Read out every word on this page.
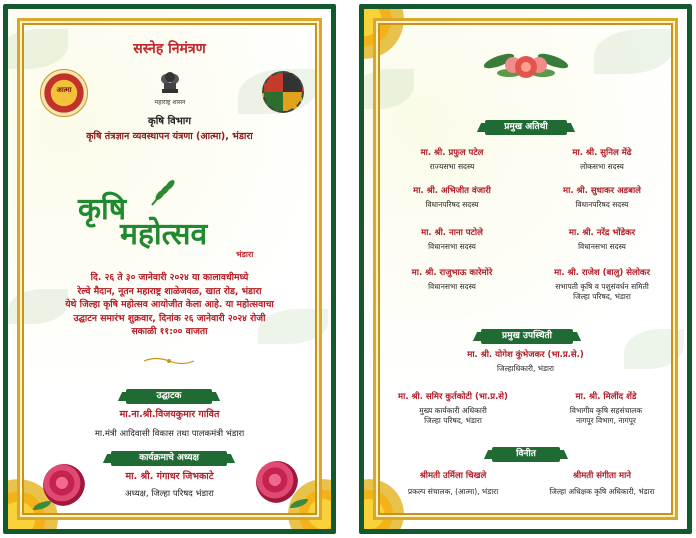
सस्नेह निमंत्रण
आत्मा
महाराष्ट्र शासन
कृषि विभाग
कृषि तंत्रज्ञान व्यवस्थापन यंत्रणा (आत्मा), भंडारा
कृषि
महोत्सव
भंडारा
दि. २६ ते ३० जानेवारी २०२४ या कालावधीमध्ये
रेल्वे मैदान, नूतन महाराष्ट्र शाळेजवळ, खात रोड, भंडारा
येथे जिल्हा कृषि महोत्सव आयोजीत केला आहे. या महोत्सवाचा
उद्घाटन समारंभ शुक्रवार, दिनांक २६ जानेवारी २०२४ रोजी
सकाळी ११:०० वाजता
उद्घाटक
मा.ना.श्री.विजयकुमार गावित
मा.मंत्री आदिवासी विकास तथा पालकमंत्री भंडारा
कार्यक्रमाचे अध्यक्ष
मा. श्री. गंगाधर जिभकाटे
अध्यक्ष, जिल्हा परिषद भंडारा
प्रमुख अतिथी
मा. श्री. प्रफुल पटेल
राज्यसभा सदस्य
मा. श्री. सुनिल मेंढे
लोकसभा सदस्य
मा. श्री. अभिजीत वंजारी
विधानपरिषद सदस्य
मा. श्री. सुधाकर अडबाले
विधानपरिषद सदस्य
मा. श्री. नाना पटोले
विधानसभा सदस्य
मा. श्री. नरेंद्र भोंडेकर
विधानसभा सदस्य
मा. श्री. राजुभाऊ कारेमोरे
विधानसभा सदस्य
मा. श्री. राजेश (बालु) सेलोकर
सभापती कृषि व पशुसंवर्धन समिती
जिल्हा परिषद, भंडारा
प्रमुख उपस्थिती
मा. श्री. योगेश कुंभेजकर (भा.प्र.से.)
जिल्हाधिकारी, भंडारा
मा. श्री. समिर कुर्तकोटी (भा.प्र.से)
मुख्य कार्यकारी अधिकारी
जिल्हा परिषद, भंडारा
मा. श्री. मिलींद शेंडे
विभागीय कृषि सहसंचालक
नागपूर विभाग, नागपूर
विनीत
श्रीमती उर्मिला चिखले
प्रकल्प संचालक, (आत्मा), भंडारा
श्रीमती संगीता माने
जिल्हा अधिक्षक कृषि अधिकारी, भंडारा
